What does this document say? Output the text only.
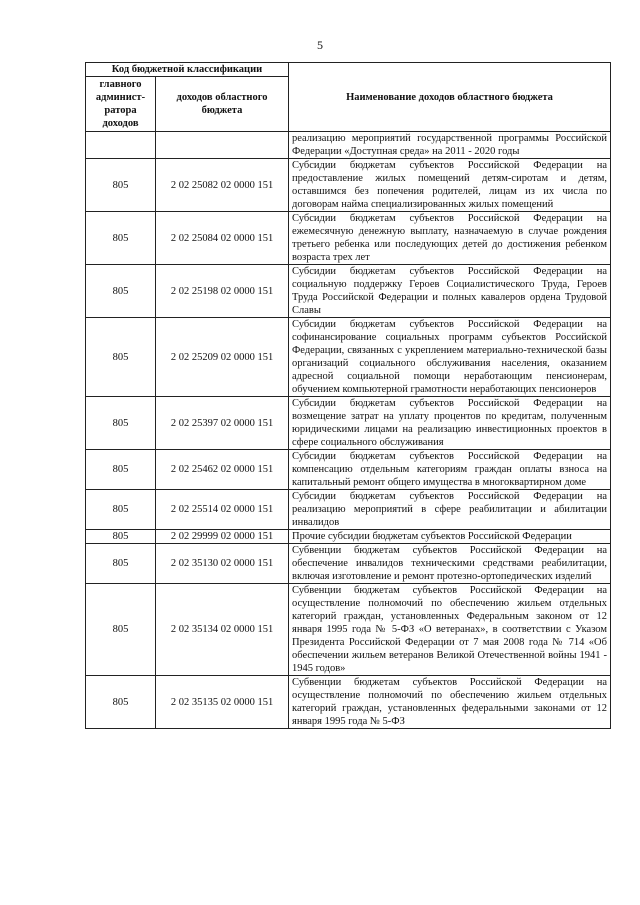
5
Код бюджетной классификации		Наименование доходов областного бюджета
главного админист-ратора доходов	доходов областного бюджета	
		реализацию мероприятий государственной программы Российской Федерации «Доступная среда» на 2011 - 2020 годы
805	2 02 25082 02 0000 151	Субсидии бюджетам субъектов Российской Федерации на предоставление жилых помещений детям-сиротам и детям, оставшимся без попечения родителей, лицам из их числа по договорам найма специализированных жилых помещений
805	2 02 25084 02 0000 151	Субсидии бюджетам субъектов Российской Федерации на ежемесячную денежную выплату, назначаемую в случае рождения третьего ребенка или последующих детей до достижения ребенком возраста трех лет
805	2 02 25198 02 0000 151	Субсидии бюджетам субъектов Российской Федерации на социальную поддержку Героев Социалистического Труда, Героев Труда Российской Федерации и полных кавалеров ордена Трудовой Славы
805	2 02 25209 02 0000 151	Субсидии бюджетам субъектов Российской Федерации на софинансирование социальных программ субъектов Российской Федерации, связанных с укреплением материально-технической базы организаций социального обслуживания населения, оказанием адресной социальной помощи неработающим пенсионерам, обучением компьютерной грамотности неработающих пенсионеров
805	2 02 25397 02 0000 151	Субсидии бюджетам субъектов Российской Федерации на возмещение затрат на уплату процентов по кредитам, полученным юридическими лицами на реализацию инвестиционных проектов в сфере социального обслуживания
805	2 02 25462 02 0000 151	Субсидии бюджетам субъектов Российской Федерации на компенсацию отдельным категориям граждан оплаты взноса на капитальный ремонт общего имущества в многоквартирном доме
805	2 02 25514 02 0000 151	Субсидии бюджетам субъектов Российской Федерации на реализацию мероприятий в сфере реабилитации и абилитации инвалидов
805	2 02 29999 02 0000 151	Прочие субсидии бюджетам субъектов Российской Федерации
805	2 02 35130 02 0000 151	Субвенции бюджетам субъектов Российской Федерации на обеспечение инвалидов техническими средствами реабилитации, включая изготовление и ремонт протезно-ортопедических изделий
805	2 02 35134 02 0000 151	Субвенции бюджетам субъектов Российской Федерации на осуществление полномочий по обеспечению жильем отдельных категорий граждан, установленных Федеральным законом от 12 января 1995 года № 5-ФЗ «О ветеранах», в соответствии с Указом Президента Российской Федерации от 7 мая 2008 года № 714 «Об обеспечении жильем ветеранов Великой Отечественной войны 1941 - 1945 годов»
805	2 02 35135 02 0000 151	Субвенции бюджетам субъектов Российской Федерации на осуществление полномочий по обеспечению жильем отдельных категорий граждан, установленных федеральными законами от 12 января 1995 года № 5-ФЗ
